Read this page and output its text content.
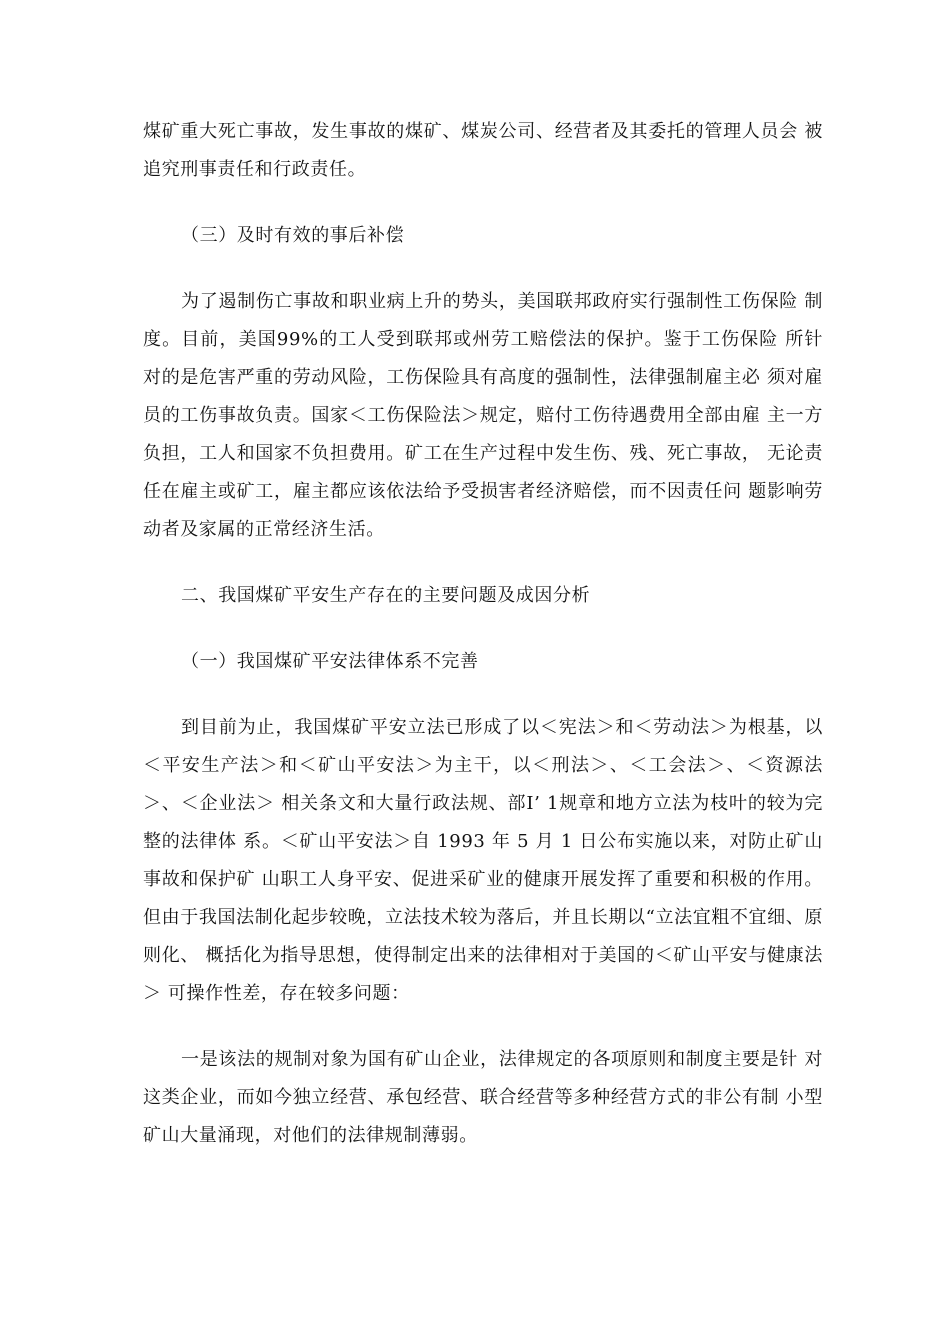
煤矿重大死亡事故，发生事故的煤矿、煤炭公司、经营者及其委托的管理人员会 被追究刑事责任和行政责任。

（三）及时有效的事后补偿

为了遏制伤亡事故和职业病上升的势头，美国联邦政府实行强制性工伤保险 制度。目前，美国99%的工人受到联邦或州劳工赔偿法的保护。鉴于工伤保险 所针对的是危害严重的劳动风险，工伤保险具有高度的强制性，法律强制雇主必 须对雇员的工伤事故负责。国家＜工伤保险法＞规定，赔付工伤待遇费用全部由雇 主一方负担，工人和国家不负担费用。矿工在生产过程中发生伤、残、死亡事故， 无论责任在雇主或矿工，雇主都应该依法给予受损害者经济赔偿，而不因责任问 题影响劳动者及家属的正常经济生活。

二、我国煤矿平安生产存在的主要问题及成因分析

（一）我国煤矿平安法律体系不完善

到目前为止，我国煤矿平安立法已形成了以＜宪法＞和＜劳动法＞为根基，以＜平安生产法＞和＜矿山平安法＞为主干，以＜刑法＞、＜工会法＞、＜资源法＞、＜企业法＞ 相关条文和大量行政法规、部I’ 1规章和地方立法为枝叶的较为完整的法律体 系。＜矿山平安法＞自 1993 年 5 月 1 日公布实施以来，对防止矿山事故和保护矿 山职工人身平安、促进采矿业的健康开展发挥了重要和积极的作用。但由于我国法制化起步较晚，立法技术较为落后，并且长期以“立法宜粗不宜细、原则化、 概括化为指导思想，使得制定出来的法律相对于美国的＜矿山平安与健康法＞ 可操作性差，存在较多问题：

一是该法的规制对象为国有矿山企业，法律规定的各项原则和制度主要是针 对这类企业，而如今独立经营、承包经营、联合经营等多种经营方式的非公有制 小型矿山大量涌现，对他们的法律规制薄弱。
